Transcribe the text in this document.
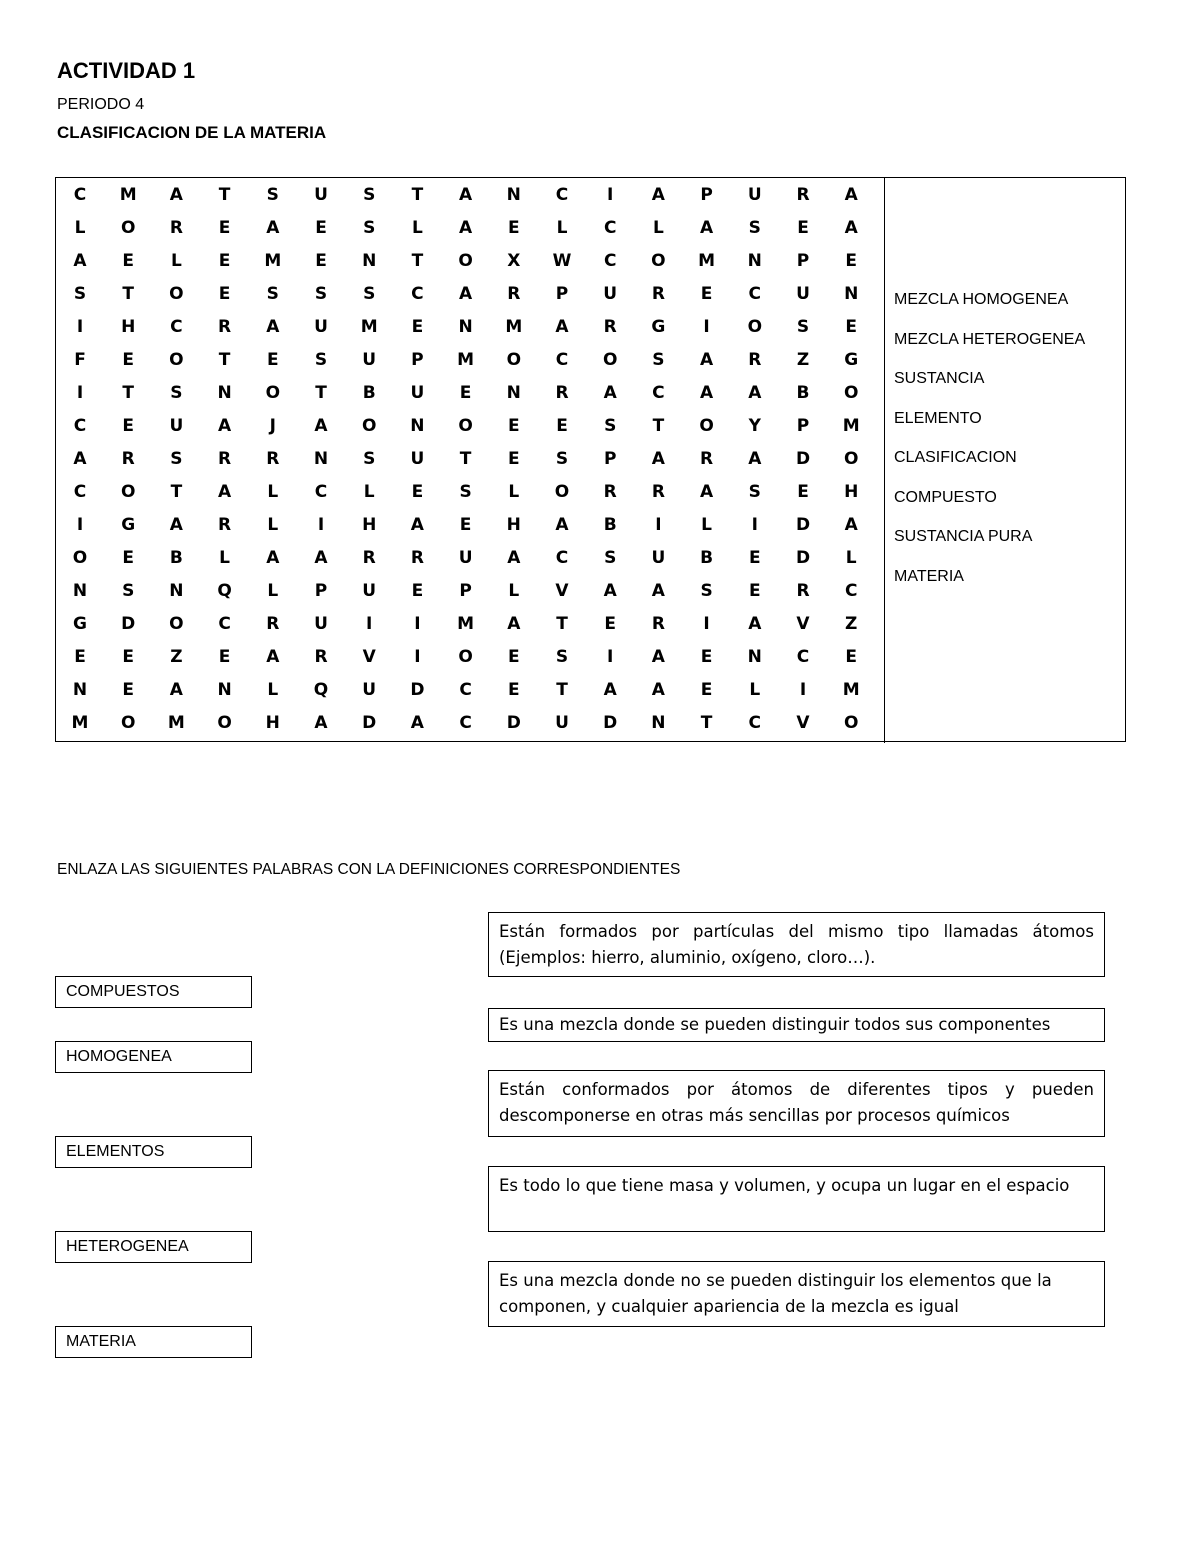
ACTIVIDAD 1
PERIODO 4
CLASIFICACION DE LA MATERIA
C	M	A	T	S	U	S	T	A	N	C	I	A	P	U	R	A
L	O	R	E	A	E	S	L	A	E	L	C	L	A	S	E	A
A	E	L	E	M	E	N	T	O	X	W	C	O	M	N	P	E
S	T	O	E	S	S	S	C	A	R	P	U	R	E	C	U	N
I	H	C	R	A	U	M	E	N	M	A	R	G	I	O	S	E
F	E	O	T	E	S	U	P	M	O	C	O	S	A	R	Z	G
I	T	S	N	O	T	B	U	E	N	R	A	C	A	A	B	O
C	E	U	A	J	A	O	N	O	E	E	S	T	O	Y	P	M
A	R	S	R	R	N	S	U	T	E	S	P	A	R	A	D	O
C	O	T	A	L	C	L	E	S	L	O	R	R	A	S	E	H
I	G	A	R	L	I	H	A	E	H	A	B	I	L	I	D	A
O	E	B	L	A	A	R	R	U	A	C	S	U	B	E	D	L
N	S	N	Q	L	P	U	E	P	L	V	A	A	S	E	R	C
G	D	O	C	R	U	I	I	M	A	T	E	R	I	A	V	Z
E	E	Z	E	A	R	V	I	O	E	S	I	A	E	N	C	E
N	E	A	N	L	Q	U	D	C	E	T	A	A	E	L	I	M
M	O	M	O	H	A	D	A	C	D	U	D	N	T	C	V	O
MEZCLA HOMOGENEA
MEZCLA HETEROGENEA
SUSTANCIA
ELEMENTO
CLASIFICACION
COMPUESTO
SUSTANCIA PURA
MATERIA
ENLAZA LAS SIGUIENTES PALABRAS CON LA DEFINICIONES CORRESPONDIENTES
COMPUESTOS
HOMOGENEA
ELEMENTOS
HETEROGENEA
MATERIA
Están formados por partículas del mismo tipo llamadas átomos (Ejemplos: hierro, aluminio, oxígeno, cloro…).
Es una mezcla donde se pueden distinguir todos sus componentes
Están conformados por átomos de diferentes tipos y pueden descomponerse en otras más sencillas por procesos químicos
Es todo lo que tiene masa y volumen, y ocupa un lugar en el espacio
Es una mezcla donde no se pueden distinguir los elementos que la componen, y cualquier apariencia de la mezcla es igual
